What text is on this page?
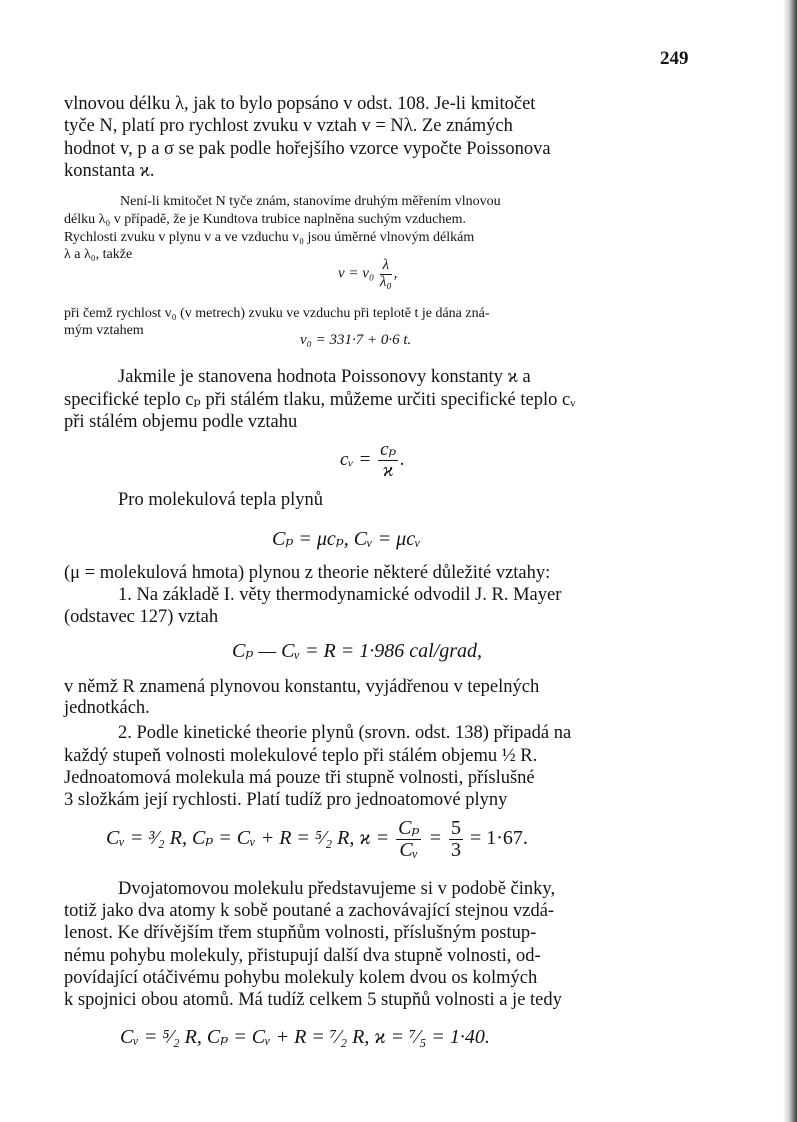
249
vlnovou délku λ, jak to bylo popsáno v odst. 108. Je-li kmitočet
tyče N, platí pro rychlost zvuku v vztah v = Nλ. Ze známých
hodnot v, p a σ se pak podle hořejšího vzorce vypočte Poissonova
konstanta ϰ.
Není-li kmitočet N tyče znám, stanovíme druhým měřením vlnovou
délku λ₀ v případě, že je Kundtova trubice naplněna suchým vzduchem.
Rychlosti zvuku v plynu v a ve vzduchu v₀ jsou úměrné vlnovým délkám
λ a λ₀, takže
$v = v_0 \frac{\lambda}{\text{λ₀}}$ ,
při čemž rychlost v₀ (v metrech) zvuku ve vzduchu při teplotě t je dána zná-
mým vztahem
v₀ = 331·7 + 0·6 t.
Jakmile je stanovena hodnota Poissonovy konstanty ϰ a
specifické teplo cₚ při stálém tlaku, můžeme určiti specifické teplo cᵥ
při stálém objemu podle vztahu
cᵥ = $\frac{\text{cₚ}}{ϰ}$ .
Pro molekulová tepla plynů
Cₚ = μcₚ, Cᵥ = μcᵥ
(μ = molekulová hmota) plynou z theorie některé důležité vztahy:
1. Na základě I. věty thermodynamické odvodil J. R. Mayer
(odstavec 127) vztah
Cₚ — Cᵥ = R = 1·986 cal/grad,
v němž R znamená plynovou konstantu, vyjádřenou v tepelných
jednotkách.
2. Podle kinetické theorie plynů (srovn. odst. 138) připadá na
každý stupeň volnosti molekulové teplo při stálém objemu ½ R.
Jednoatomová molekula má pouze tři stupně volnosti, příslušné
3 složkám její rychlosti. Platí tudíž pro jednoatomové plyny
Cᵥ = ³⁄₂ R, Cₚ = Cᵥ + R = ⁵⁄₂ R, $ϰ = \frac{\text{Cₚ}}{\text{Cᵥ}} = \frac{5}{3} = 1\cdot 67$.
Dvojatomovou molekulu představujeme si v podobě činky,
totiž jako dva atomy k sobě poutané a zachovávající stejnou vzdá-
lenost. Ke dřívějším třem stupňům volnosti, příslušným postup-
nému pohybu molekuly, přistupují další dva stupně volnosti, od-
povídající otáčivému pohybu molekuly kolem dvou os kolmých
k spojnici obou atomů. Má tudíž celkem 5 stupňů volnosti a je tedy
Cᵥ = ⁵⁄₂ R, Cₚ = Cᵥ + R = ⁷⁄₂ R, ϰ = ⁷⁄₅ = 1·40.
